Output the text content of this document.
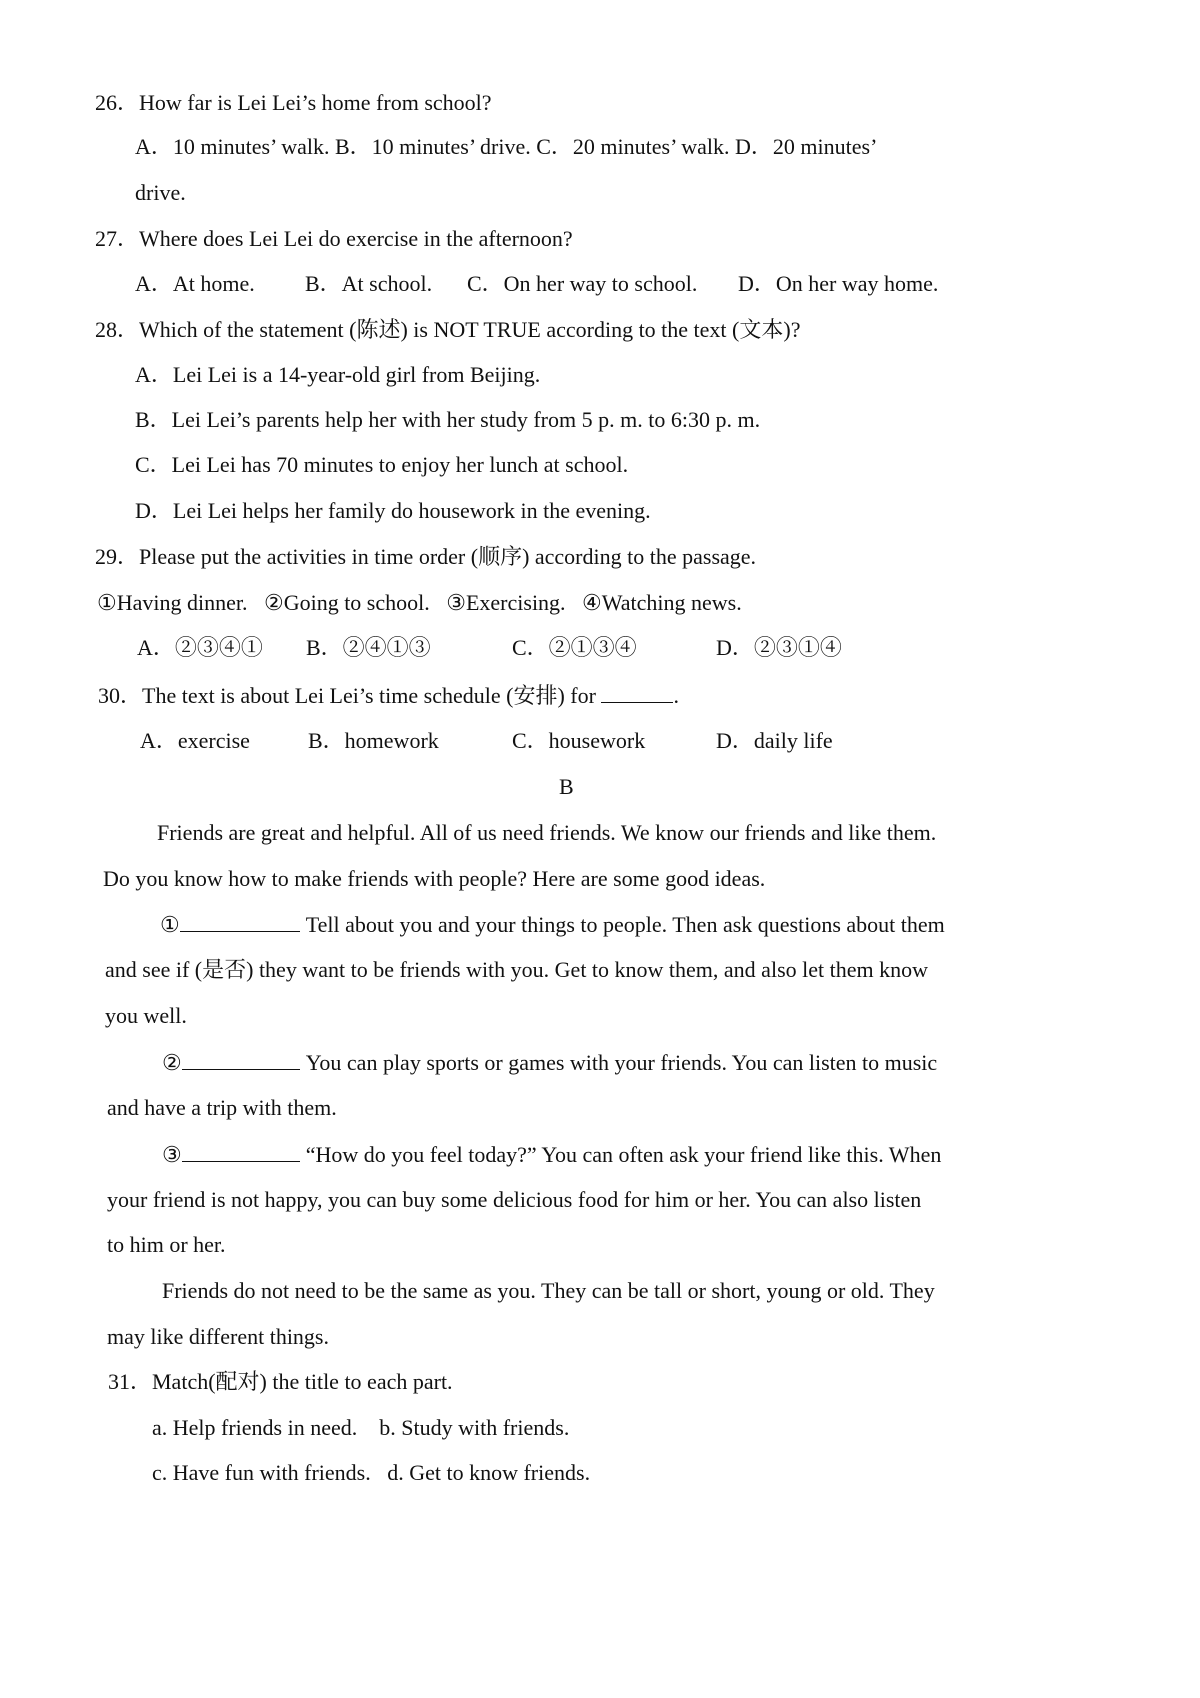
26．How far is Lei Lei’s home from school?
A．10 minutes’ walk. B．10 minutes’ drive. C．20 minutes’ walk. D．20 minutes’
drive.
27．Where does Lei Lei do exercise in the afternoon?
A．At home. B．At school. C．On her way to school. D．On her way home.
28．Which of the statement (陈述) is NOT TRUE according to the text (文本)?
A．Lei Lei is a 14-year-old girl from Beijing.
B．Lei Lei’s parents help her with her study from 5 p. m. to 6:30 p. m.
C．Lei Lei has 70 minutes to enjoy her lunch at school.
D．Lei Lei helps her family do housework in the evening.
29．Please put the activities in time order (顺序) according to the passage.
①Having dinner.   ②Going to school.   ③Exercising.   ④Watching news.
A．②③④① B．②④①③	C．②①③④	D．②③①④
30．The text is about Lei Lei’s time schedule (安排) for	.
A．exercise	B．homework	C．housework	D．daily life
B
Friends are great and helpful. All of us need friends. We know our friends and like them.
Do you know how to make friends with people? Here are some good ideas.
①	Tell about you and your things to people. Then ask questions about them
and see if (是否) they want to be friends with you. Get to know them, and also let them know
you well.
②	You can play sports or games with your friends. You can listen to music
and have a trip with them.
③	“How do you feel today?” You can often ask your friend like this. When
your friend is not happy, you can buy some delicious food for him or her. You can also listen
to him or her.
Friends do not need to be the same as you. They can be tall or short, young or old. They
may like different things.
31．Match(配对) the title to each part.
a. Help friends in need.    b. Study with friends.
c. Have fun with friends.   d. Get to know friends.
